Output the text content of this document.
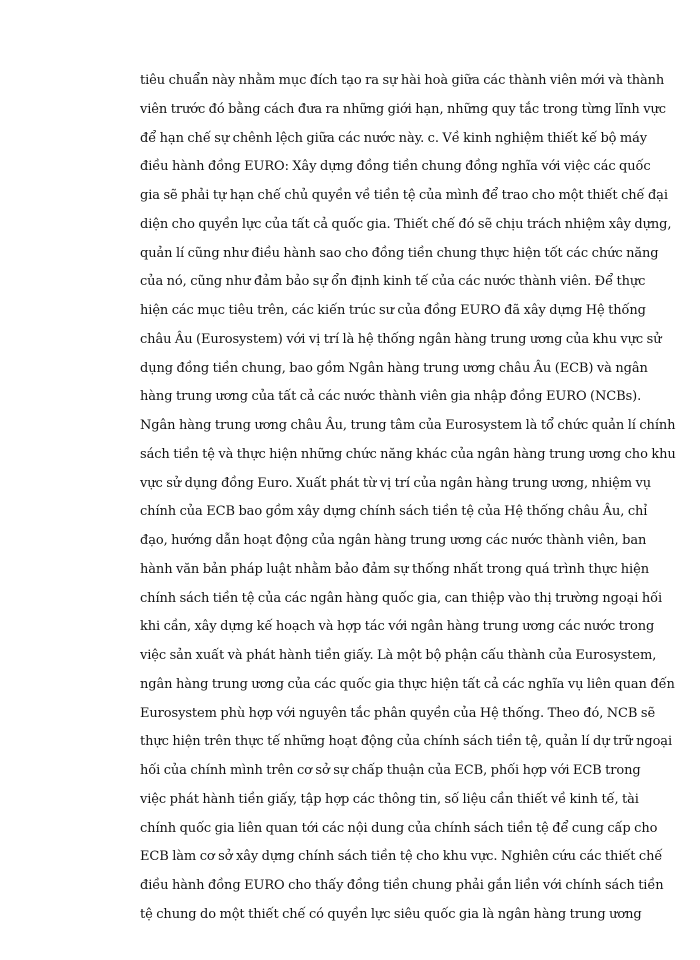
tiêu chuẩn này nhằm mục đích tạo ra sự hài hoà giữa các thành viên mới và thành
viên trước đó bằng cách đưa ra những giới hạn, những quy tắc trong từng lĩnh vực
để hạn chế sự chênh lệch giữa các nước này. c. Về kinh nghiệm thiết kế bộ máy
điều hành đồng EURO: Xây dựng đồng tiền chung đồng nghĩa với việc các quốc
gia sẽ phải tự hạn chế chủ quyền về tiền tệ của mình để trao cho một thiết chế đại
diện cho quyền lực của tất cả quốc gia. Thiết chế đó sẽ chịu trách nhiệm xây dựng,
quản lí cũng như điều hành sao cho đồng tiền chung thực hiện tốt các chức năng
của nó, cũng như đảm bảo sự ổn định kinh tế của các nước thành viên. Để thực
hiện các mục tiêu trên, các kiến trúc sư của đồng EURO đã xây dựng Hệ thống
châu Âu (Eurosystem) với vị trí là hệ thống ngân hàng trung ương của khu vực sử
dụng đồng tiền chung, bao gồm Ngân hàng trung ương châu Âu (ECB) và ngân
hàng trung ương của tất cả các nước thành viên gia nhập đồng EURO (NCBs).
Ngân hàng trung ương châu Âu, trung tâm của Eurosystem là tổ chức quản lí chính
sách tiền tệ và thực hiện những chức năng khác của ngân hàng trung ương cho khu
vực sử dụng đồng Euro. Xuất phát từ vị trí của ngân hàng trung ương, nhiệm vụ
chính của ECB bao gồm xây dựng chính sách tiền tệ của Hệ thống châu Âu, chỉ
đạo, hướng dẫn hoạt động của ngân hàng trung ương các nước thành viên, ban
hành văn bản pháp luật nhằm bảo đảm sự thống nhất trong quá trình thực hiện
chính sách tiền tệ của các ngân hàng quốc gia, can thiệp vào thị trường ngoại hối
khi cần, xây dựng kế hoạch và hợp tác với ngân hàng trung ương các nước trong
việc sản xuất và phát hành tiền giấy. Là một bộ phận cấu thành của Eurosystem,
ngân hàng trung ương của các quốc gia thực hiện tất cả các nghĩa vụ liên quan đến
Eurosystem phù hợp với nguyên tắc phân quyền của Hệ thống. Theo đó, NCB sẽ
thực hiện trên thực tế những hoạt động của chính sách tiền tệ, quản lí dự trữ ngoại
hối của chính mình trên cơ sở sự chấp thuận của ECB, phối hợp với ECB trong
việc phát hành tiền giấy, tập hợp các thông tin, số liệu cần thiết về kinh tế, tài
chính quốc gia liên quan tới các nội dung của chính sách tiền tệ để cung cấp cho
ECB làm cơ sở xây dựng chính sách tiền tệ cho khu vực. Nghiên cứu các thiết chế
điều hành đồng EURO cho thấy đồng tiền chung phải gắn liền với chính sách tiền
tệ chung do một thiết chế có quyền lực siêu quốc gia là ngân hàng trung ương
